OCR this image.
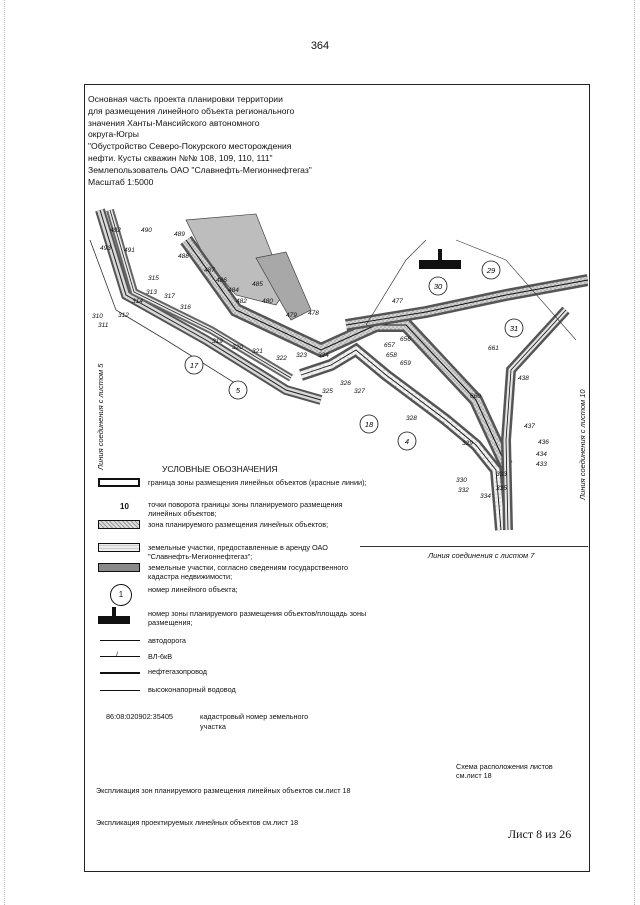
364
Основная часть проекта планировки территории
для размещения линейного объекта регионального
значения Ханты-Мансийского автономного
округа-Югры
"Обустройство Северо-Покурского месторождения
нефти. Кусты скважин №№ 108, 109, 110, 111"
Землепользователь ОАО "Славнефть-Мегионнефтегаз"
Масштаб 1:5000
17
5
18
4
30
29
31
492	490
489
488
487
486
485
484
482 480
493 491
315
313
317
316
314
312
310
311
319
320
321
322 323 324
325
326
327
328
329
330
332
333
334
335
436
434
433
437
438
660
661
656
657
658
659
477
478
479
Линия соединения с листом 5	Линия соединения с листом 10
Линия соединения с листом 7
УСЛОВНЫЕ ОБОЗНАЧЕНИЯ
граница зоны размещения линейных объектов (красные линии);
10	точки поворота границы зоны планируемого размещения линейных объектов;
зона планируемого размещения линейных объектов;
земельные участки, предоставленные в аренду ОАО "Славнефть-Мегионнефтегаз";
земельные участки, согласно сведениям государственного кадастра недвижимости;
1
номер линейного объекта;
номер зоны планируемого размещения объектов/площадь зоны размещения;
автодорога
/	ВЛ-6кВ
нефтегазопровод
высоконапорный водовод
86:08:020902:35405	кадастровый номер земельного участка
Схема расположения листов см.лист 18
Экспликация зон планируемого размещения линейных объектов см.лист 18
Экспликация проектируемых линейных объектов см.лист 18
Лист 8 из 26
